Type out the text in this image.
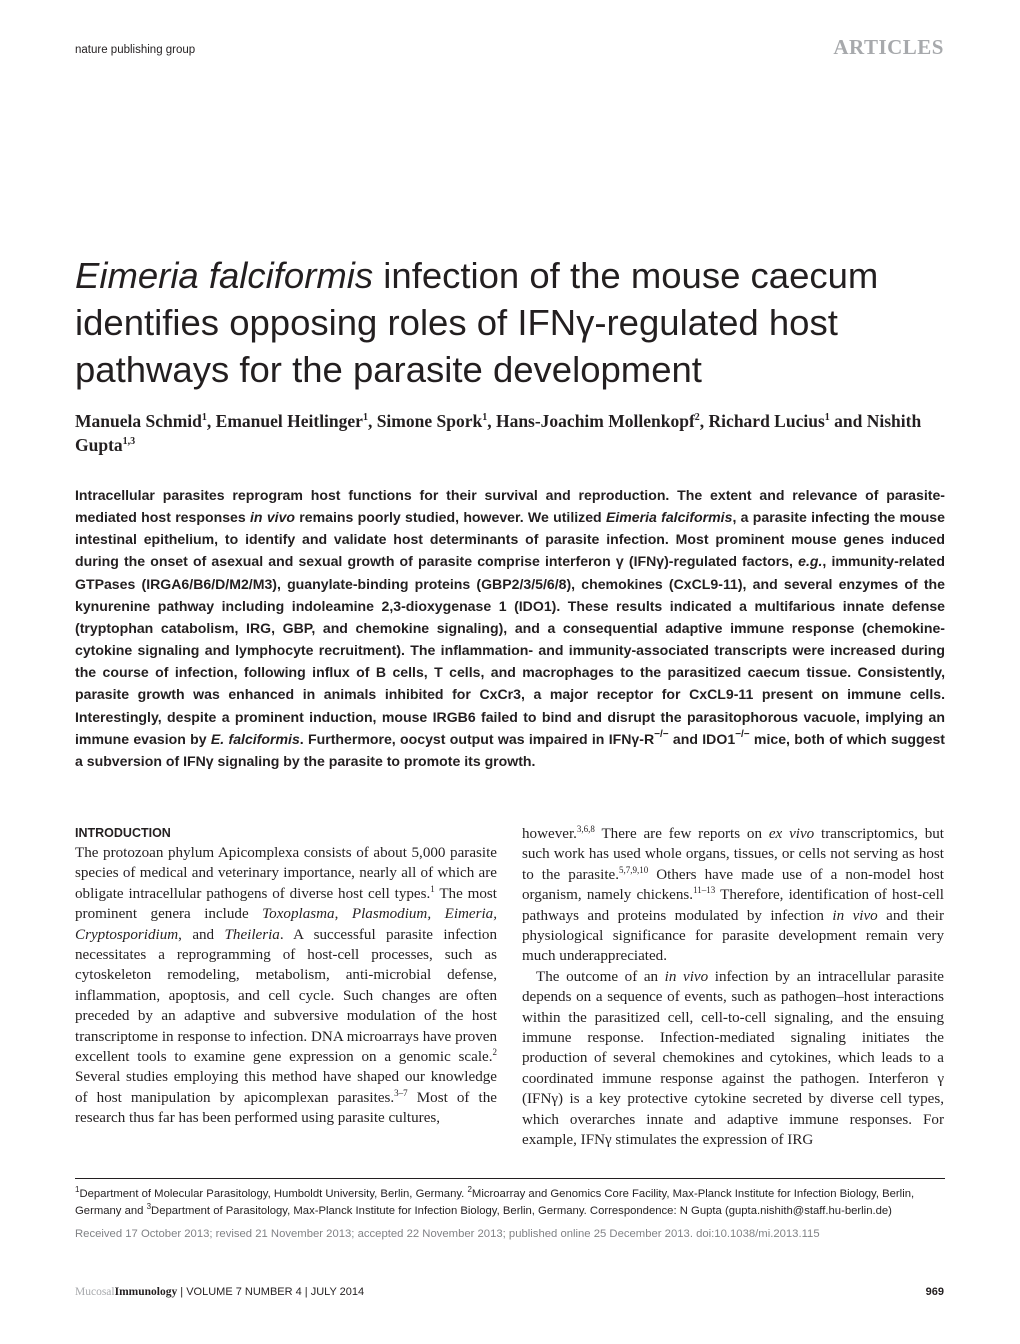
nature publishing group	ARTICLES
Eimeria falciformis infection of the mouse caecum identifies opposing roles of IFNγ-regulated host pathways for the parasite development
Manuela Schmid$^1$, Emanuel Heitlinger$^1$, Simone Spork$^1$, Hans-Joachim Mollenkopf$^2$, Richard Lucius$^1$ and Nishith Gupta$^{1,3}$
Intracellular parasites reprogram host functions for their survival and reproduction. The extent and relevance of parasite-mediated host responses in vivo remains poorly studied, however. We utilized Eimeria falciformis, a parasite infecting the mouse intestinal epithelium, to identify and validate host determinants of parasite infection. Most prominent mouse genes induced during the onset of asexual and sexual growth of parasite comprise interferon γ (IFNγ)-regulated factors, e.g., immunity-related GTPases (IRGA6/B6/D/M2/M3), guanylate-binding proteins (GBP2/3/5/6/8), chemokines (CxCL9-11), and several enzymes of the kynurenine pathway including indoleamine 2,3-dioxygenase 1 (IDO1). These results indicated a multifarious innate defense (tryptophan catabolism, IRG, GBP, and chemokine signaling), and a consequential adaptive immune response (chemokine-cytokine signaling and lymphocyte recruitment). The inflammation- and immunity-associated transcripts were increased during the course of infection, following influx of B cells, T cells, and macrophages to the parasitized caecum tissue. Consistently, parasite growth was enhanced in animals inhibited for CxCr3, a major receptor for CxCL9-11 present on immune cells. Interestingly, despite a prominent induction, mouse IRGB6 failed to bind and disrupt the parasitophorous vacuole, implying an immune evasion by E. falciformis. Furthermore, oocyst output was impaired in IFNγ-R−/− and IDO1−/− mice, both of which suggest a subversion of IFNγ signaling by the parasite to promote its growth.
INTRODUCTION

The protozoan phylum Apicomplexa consists of about 5,000 parasite species of medical and veterinary importance, nearly all of which are obligate intracellular pathogens of diverse host cell types.$^1$ The most prominent genera include Toxoplasma, Plasmodium, Eimeria, Cryptosporidium, and Theileria. A successful parasite infection necessitates a reprogramming of host-cell processes, such as cytoskeleton remodeling, metabolism, anti-microbial defense, inflammation, apoptosis, and cell cycle. Such changes are often preceded by an adaptive and subversive modulation of the host transcriptome in response to infection. DNA microarrays have proven excellent tools to examine gene expression on a genomic scale.$^2$ Several studies employing this method have shaped our knowledge of host manipulation by apicomplexan parasites.$^{3-7}$ Most of the research thus far has been performed using parasite cultures,

however.$^{3,6,8}$ There are few reports on ex vivo transcriptomics, but such work has used whole organs, tissues, or cells not serving as host to the parasite.$^{5,7,9,10}$ Others have made use of a non-model host organism, namely chickens.$^{11-13}$ Therefore, identification of host-cell pathways and proteins modulated by infection in vivo and their physiological significance for parasite development remain very much underappreciated.

The outcome of an in vivo infection by an intracellular parasite depends on a sequence of events, such as pathogen–host interactions within the parasitized cell, cell-to-cell signaling, and the ensuing immune response. Infection-mediated signaling initiates the production of several chemokines and cytokines, which leads to a coordinated immune response against the pathogen. Interferon γ (IFNγ) is a key protective cytokine secreted by diverse cell types, which overarches innate and adaptive immune responses. For example, IFNγ stimulates the expression of IRG

$^1$Department of Molecular Parasitology, Humboldt University, Berlin, Germany. $^2$Microarray and Genomics Core Facility, Max-Planck Institute for Infection Biology, Berlin, Germany and $^3$Department of Parasitology, Max-Planck Institute for Infection Biology, Berlin, Germany. Correspondence: N Gupta (gupta.nishith@staff.hu-berlin.de)
Received 17 October 2013; revised 21 November 2013; accepted 22 November 2013; published online 25 December 2013. doi:10.1038/mi.2013.115
MucosalImmunology | VOLUME 7 NUMBER 4 | JULY 2014	969
